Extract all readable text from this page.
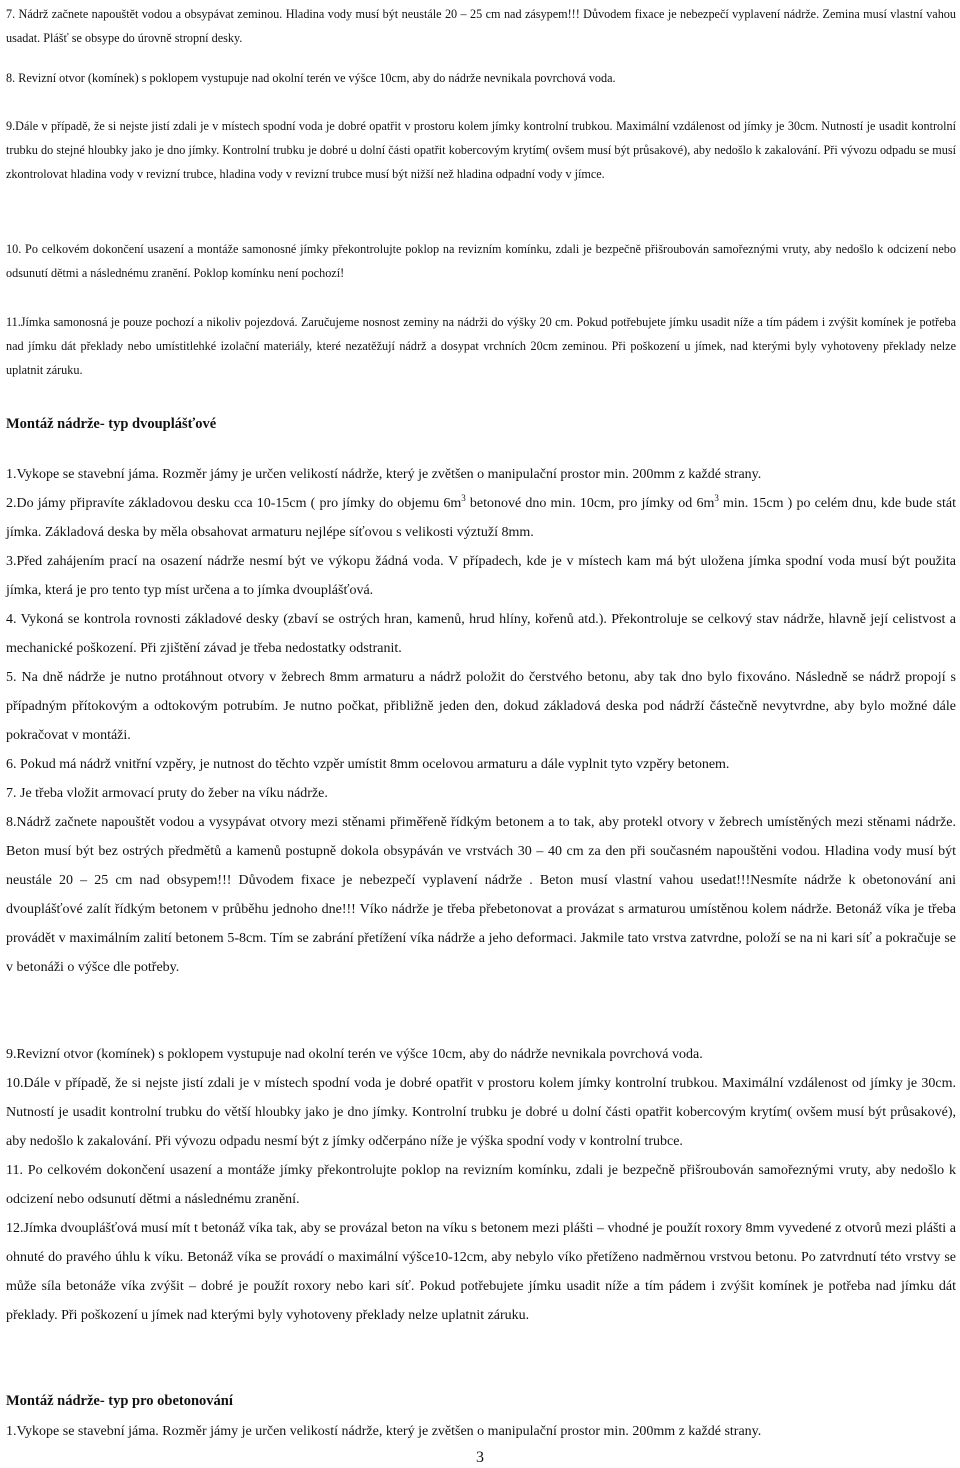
7. Nádrž začnete napouštět vodou a obsypávat zeminou. Hladina vody musí být neustále 20 – 25 cm nad zásypem!!! Důvodem fixace je nebezpečí vyplavení nádrže. Zemina musí vlastní vahou usadat. Plášť se obsype do úrovně stropní desky.

8. Revizní otvor (komínek) s poklopem vystupuje nad okolní terén ve výšce 10cm, aby do nádrže nevnikala povrchová voda.

9.Dále v případě, že si nejste jistí zdali je v místech spodní voda je dobré opatřit v prostoru kolem jímky kontrolní trubkou. Maximální vzdálenost od jímky je 30cm. Nutností je usadit kontrolní trubku do stejné hloubky jako je dno jímky. Kontrolní trubku je dobré u dolní části opatřit kobercovým krytím( ovšem musí být průsakové), aby nedošlo k zakalování. Při vývozu odpadu se musí zkontrolovat hladina vody v revizní trubce, hladina vody v revizní trubce musí být nižší než hladina odpadní vody v jímce.

10. Po celkovém dokončení usazení a montáže samonosné jímky překontrolujte poklop na revizním komínku, zdali je bezpečně přišroubován samořeznými vruty, aby nedošlo k odcizení nebo odsunutí dětmi a následnému zranění. Poklop komínku není pochozí!

11.Jímka samonosná je pouze pochozí a nikoliv pojezdová. Zaručujeme nosnost zeminy na nádrži do výšky 20 cm. Pokud potřebujete jímku usadit níže a tím pádem i zvýšit komínek je potřeba nad jímku dát překlady nebo umístitlehké izolační materiály, které nezatěžují nádrž a dosypat vrchních 20cm zeminou. Při poškození u jímek, nad kterými byly vyhotoveny překlady nelze uplatnit záruku.

Montáž nádrže- typ dvouplášťové

1.Vykope se stavební jáma. Rozměr jámy je určen velikostí nádrže, který je zvětšen o manipulační prostor min. 200mm z každé strany.

2.Do jámy připravíte základovou desku cca 10-15cm ( pro jímky do objemu $6m^3$ betonové dno min. 10cm, pro jímky od $6m^3$ min. 15cm ) po celém dnu, kde bude stát jímka. Základová deska by měla obsahovat armaturu nejlépe síťovou s velikosti výztuží 8mm.

3.Před zahájením prací na osazení nádrže nesmí být ve výkopu žádná voda. V případech, kde je v místech kam má být uložena jímka spodní voda musí být použita jímka, která je pro tento typ míst určena a to jímka dvouplášťová.

4. Vykoná se kontrola rovnosti základové desky (zbaví se ostrých hran, kamenů, hrud hlíny, kořenů atd.). Překontroluje se celkový stav nádrže, hlavně její celistvost a mechanické poškození. Při zjištění závad je třeba nedostatky odstranit.

5. Na dně nádrže je nutno protáhnout otvory v žebrech 8mm armaturu a nádrž položit do čerstvého betonu, aby tak dno bylo fixováno. Následně se nádrž propojí s případným přítokovým a odtokovým potrubím. Je nutno počkat, přibližně jeden den, dokud základová deska pod nádrží částečně nevytvrdne, aby bylo možné dále pokračovat v montáži.

6. Pokud má nádrž vnitřní vzpěry, je nutnost do těchto vzpěr umístit 8mm ocelovou armaturu a dále vyplnit tyto vzpěry betonem.

7. Je třeba vložit armovací pruty do žeber na víku nádrže.

8.Nádrž začnete napouštět vodou a vysypávat otvory mezi stěnami přiměřeně řídkým betonem a to tak, aby protekl otvory v žebrech umístěných mezi stěnami nádrže. Beton musí být bez ostrých předmětů a kamenů postupně dokola obsypáván ve vrstvách 30 – 40 cm za den při současném napouštěni vodou. Hladina vody musí být neustále 20 – 25 cm nad obsypem!!! Důvodem fixace je nebezpečí vyplavení nádrže . Beton musí vlastní vahou usedat!!!Nesmíte nádrže k obetonování ani dvouplášťové zalít řídkým betonem v průběhu jednoho dne!!! Víko nádrže je třeba přebetonovat a provázat s armaturou umístěnou kolem nádrže. Betonáž víka je třeba provádět v maximálním zalití betonem 5-8cm. Tím se zabrání přetížení víka nádrže a jeho deformaci. Jakmile tato vrstva zatvrdne, položí se na ni kari síť a pokračuje se v betonáži o výšce dle potřeby.

9.Revizní otvor (komínek) s poklopem vystupuje nad okolní terén ve výšce 10cm, aby do nádrže nevnikala povrchová voda.

10.Dále v případě, že si nejste jistí zdali je v místech spodní voda je dobré opatřit v prostoru kolem jímky kontrolní trubkou. Maximální vzdálenost od jímky je 30cm. Nutností je usadit kontrolní trubku do větší hloubky jako je dno jímky. Kontrolní trubku je dobré u dolní části opatřit kobercovým krytím( ovšem musí být průsakové), aby nedošlo k zakalování. Při vývozu odpadu nesmí být z jímky odčerpáno níže je výška spodní vody v kontrolní trubce.

11. Po celkovém dokončení usazení a montáže jímky překontrolujte poklop na revizním komínku, zdali je bezpečně přišroubován samořeznými vruty, aby nedošlo k odcizení nebo odsunutí dětmi a následnému zranění.

12.Jímka dvouplášťová musí mít t betonáž víka tak, aby se provázal beton na víku s betonem mezi plášti – vhodné je použít roxory 8mm vyvedené z otvorů mezi plášti a ohnuté do pravého úhlu k víku. Betonáž víka se provádí o maximální výšce10-12cm, aby nebylo víko přetíženo nadměrnou vrstvou betonu. Po zatvrdnutí této vrstvy se může síla betonáže víka zvýšit – dobré je použít roxory nebo kari síť. Pokud potřebujete jímku usadit níže a tím pádem i zvýšit komínek je potřeba nad jímku dát překlady. Při poškození u jímek nad kterými byly vyhotoveny překlady nelze uplatnit záruku.

Montáž nádrže- typ pro obetonování

1.Vykope se stavební jáma. Rozměr jámy je určen velikostí nádrže, který je zvětšen o manipulační prostor min. 200mm z každé strany.

3
